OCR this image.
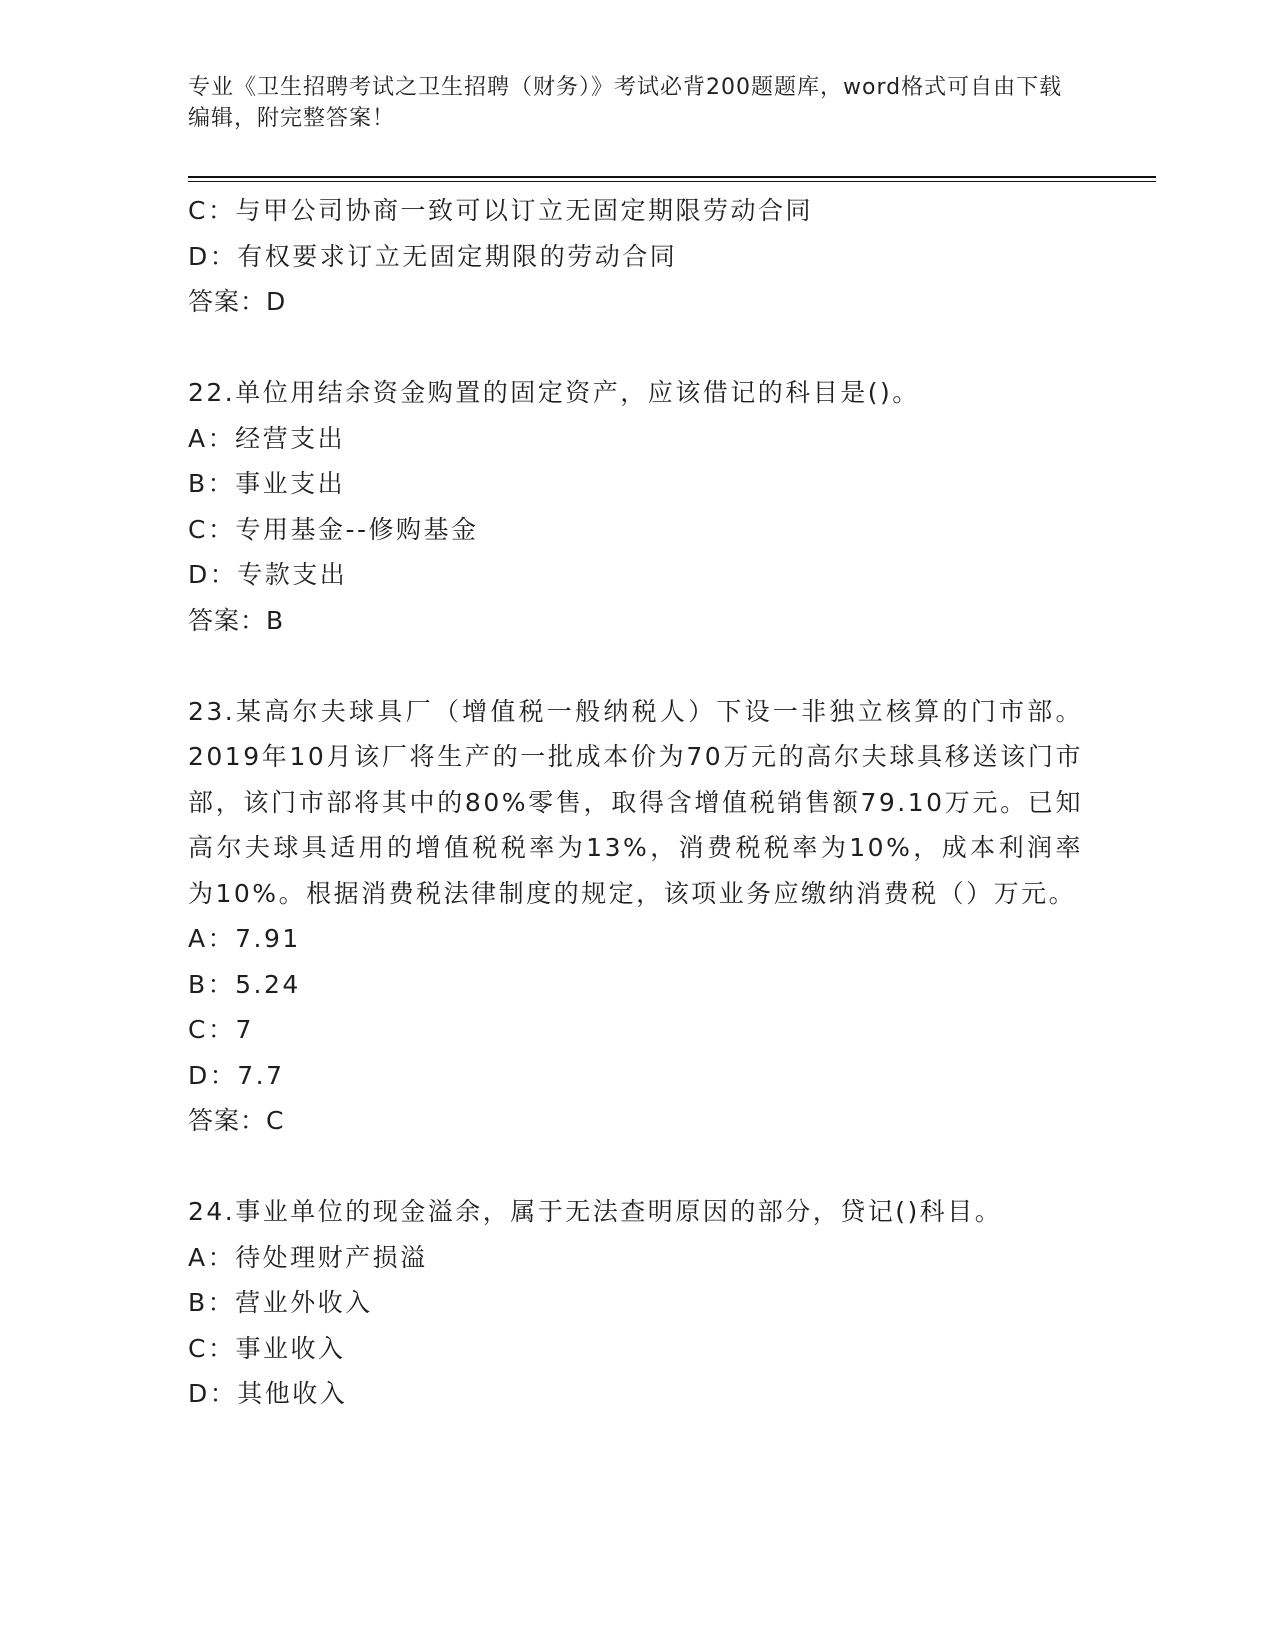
专业《卫生招聘考试之卫生招聘（财务）》考试必背200题题库，word格式可自由下载编辑，附完整答案！
C：与甲公司协商一致可以订立无固定期限劳动合同
D：有权要求订立无固定期限的劳动合同
答案：D
22.单位用结余资金购置的固定资产，应该借记的科目是()。
A：经营支出
B：事业支出
C：专用基金--修购基金
D：专款支出
答案：B
23.某高尔夫球具厂（增值税一般纳税人）下设一非独立核算的门市部。2019年10月该厂将生产的一批成本价为70万元的高尔夫球具移送该门市部，该门市部将其中的80%零售，取得含增值税销售额79.10万元。已知高尔夫球具适用的增值税税率为13%，消费税税率为10%，成本利润率为10%。根据消费税法律制度的规定，该项业务应缴纳消费税（）万元。
A：7.91
B：5.24
C：7
D：7.7
答案：C
24.事业单位的现金溢余，属于无法查明原因的部分，贷记()科目。
A：待处理财产损溢
B：营业外收入
C：事业收入
D：其他收入
